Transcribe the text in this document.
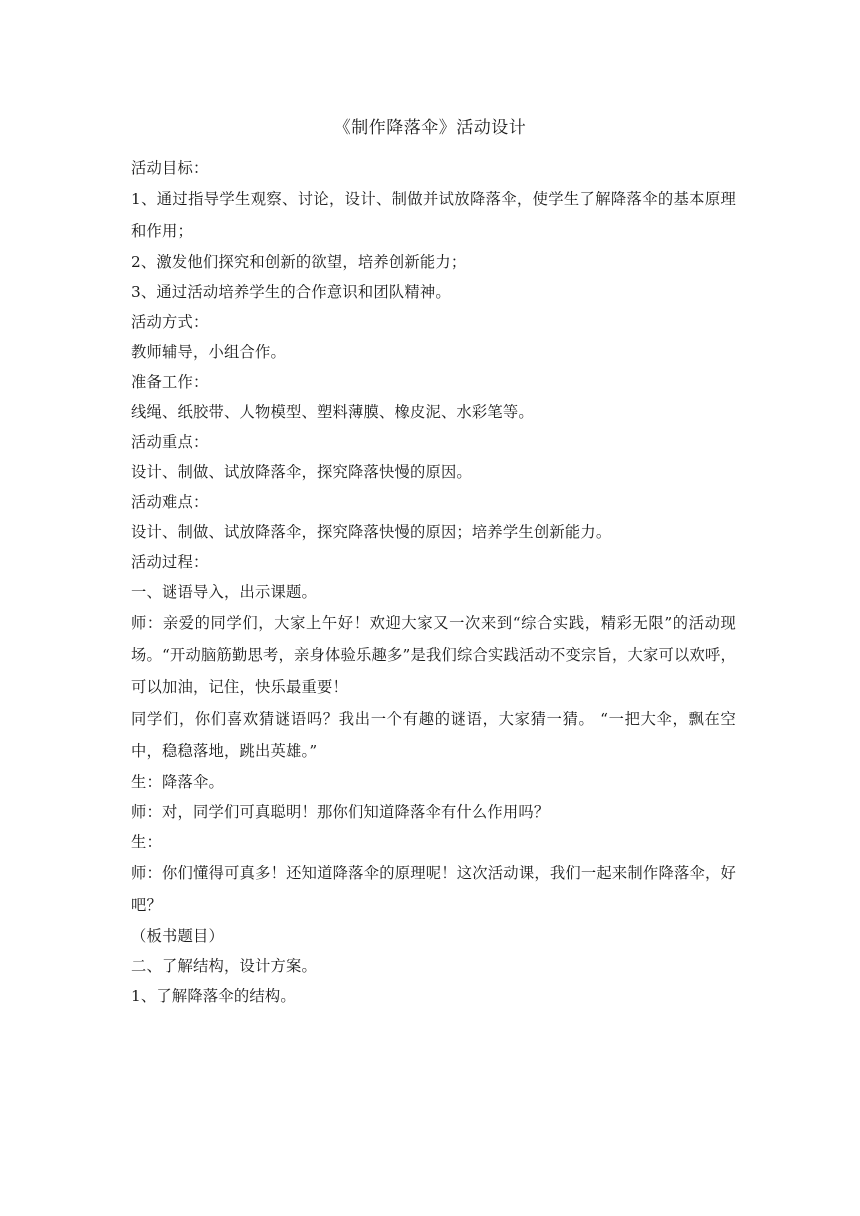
《制作降落伞》活动设计

活动目标：

1、通过指导学生观察、讨论，设计、制做并试放降落伞，使学生了解降落伞的基本原理和作用；

2、激发他们探究和创新的欲望，培养创新能力；

3、通过活动培养学生的合作意识和团队精神。

活动方式：

教师辅导，小组合作。

准备工作：

线绳、纸胶带、人物模型、塑料薄膜、橡皮泥、水彩笔等。

活动重点：

设计、制做、试放降落伞，探究降落快慢的原因。

活动难点：

设计、制做、试放降落伞，探究降落快慢的原因；培养学生创新能力。

活动过程：

一、谜语导入，出示课题。

师：亲爱的同学们，大家上午好！欢迎大家又一次来到“综合实践，精彩无限”的活动现场。“开动脑筋勤思考，亲身体验乐趣多”是我们综合实践活动不变宗旨，大家可以欢呼，可以加油，记住，快乐最重要！

同学们，你们喜欢猜谜语吗？我出一个有趣的谜语，大家猜一猜。 “一把大伞，飘在空中，稳稳落地，跳出英雄。”

生：降落伞。

师：对，同学们可真聪明！那你们知道降落伞有什么作用吗？

生：

师：你们懂得可真多！还知道降落伞的原理呢！这次活动课，我们一起来制作降落伞，好吧？

（板书题目）

二、了解结构，设计方案。

1、了解降落伞的结构。
